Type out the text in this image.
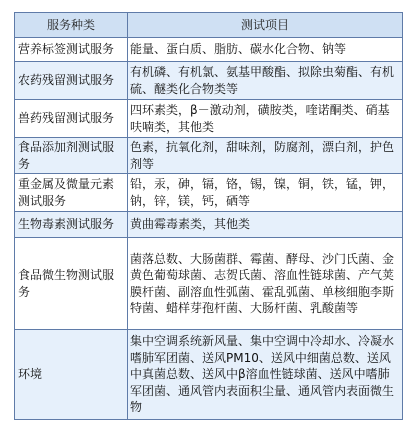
服务种类	测试项目
营养标签测试服务	能量、蛋白质、脂肪、碳水化合物、钠等
农药残留测试服务	有机磷、有机氯、氨基甲酸酯、拟除虫菊酯、有机硫、醚类化合物类等
兽药残留测试服务	四环素类，β－激动剂，磺胺类，喹诺酮类、硝基呋喃类，其他类
食品添加剂测试服务	色素，抗氧化剂，甜味剂，防腐剂，漂白剂，护色剂等
重金属及微量元素测试服务	铅，汞，砷，镉，铬，锡，镍，铜，铁，锰，钾，钠，锌，镁，钙，硒等
生物毒素测试服务	黄曲霉毒素类，其他类
食品微生物测试服务	菌落总数、大肠菌群、霉菌、酵母、沙门氏菌、金黄色葡萄球菌、志贺氏菌、溶血性链球菌、产气荚膜杆菌、副溶血性弧菌、霍乱弧菌、单核细胞李斯特菌、蜡样芽孢杆菌、大肠杆菌、乳酸菌等
环境	集中空调系统新风量、集中空调中冷却水、冷凝水嗜肺军团菌、送风PM10、送风中细菌总数、送风中真菌总数、送风中β溶血性链球菌、送风中嗜肺军团菌、通风管内表面积尘量、通风管内表面微生物
